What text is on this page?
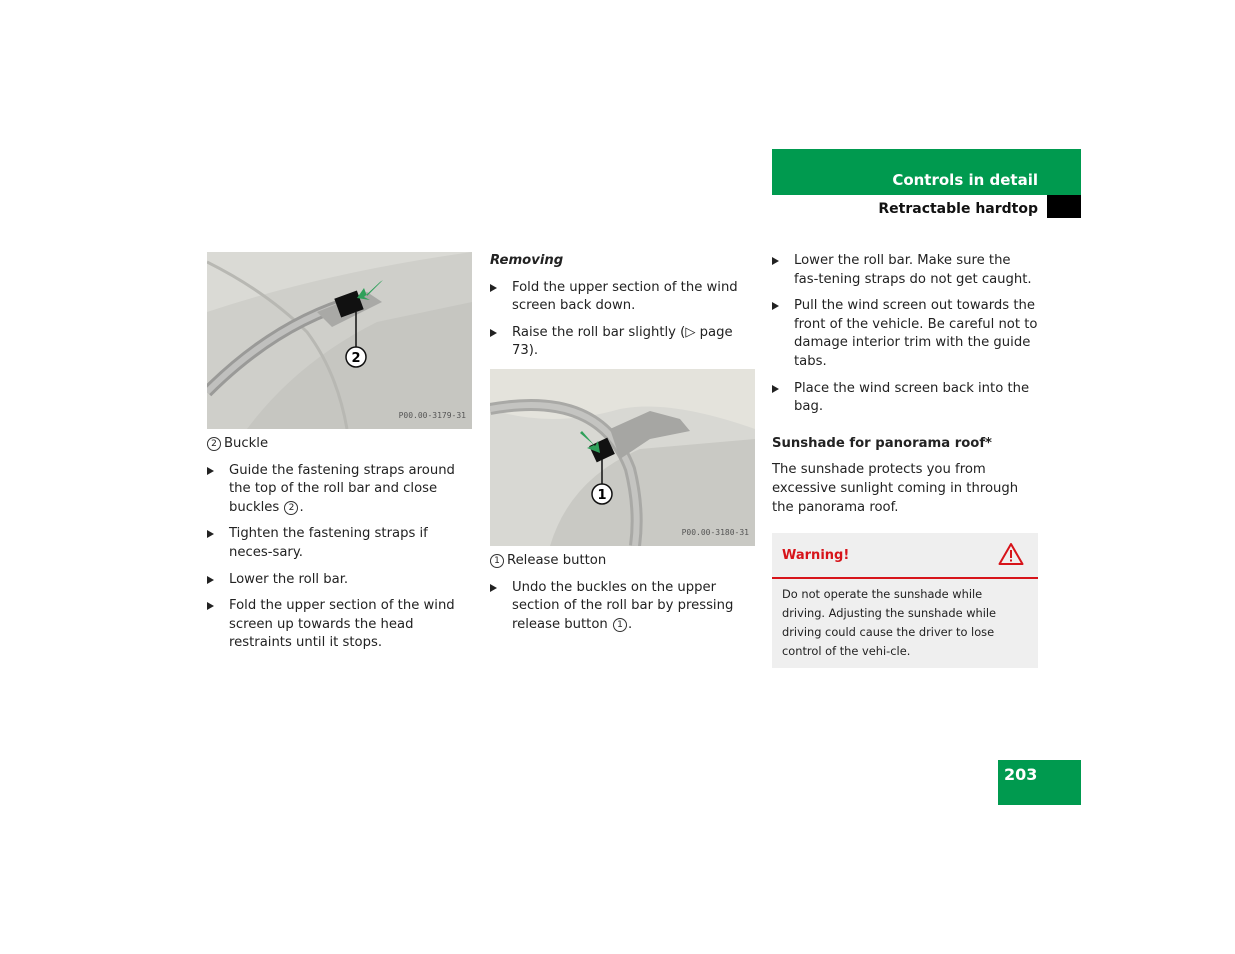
Controls in detail
Retractable hardtop
2
P00.00-3179-31
2 Buckle
Guide the fastening straps around the top of the roll bar and close buckles 2 .
Tighten the fastening straps if neces-sary.
Lower the roll bar.
Fold the upper section of the wind screen up towards the head restraints until it stops.
Removing
Fold the upper section of the wind screen back down.
Raise the roll bar slightly (▷ page 73).
1
P00.00-3180-31
1 Release button
Undo the buckles on the upper section of the roll bar by pressing release button 1 .
Lower the roll bar. Make sure the fas-tening straps do not get caught.
Pull the wind screen out towards the front of the vehicle. Be careful not to damage interior trim with the guide tabs.
Place the wind screen back into the bag.
Sunshade for panorama roof*
The sunshade protects you from excessive sunlight coming in through the panorama roof.
Warning!
Do not operate the sunshade while driving. Adjusting the sunshade while driving could cause the driver to lose control of the vehi-cle.
203
